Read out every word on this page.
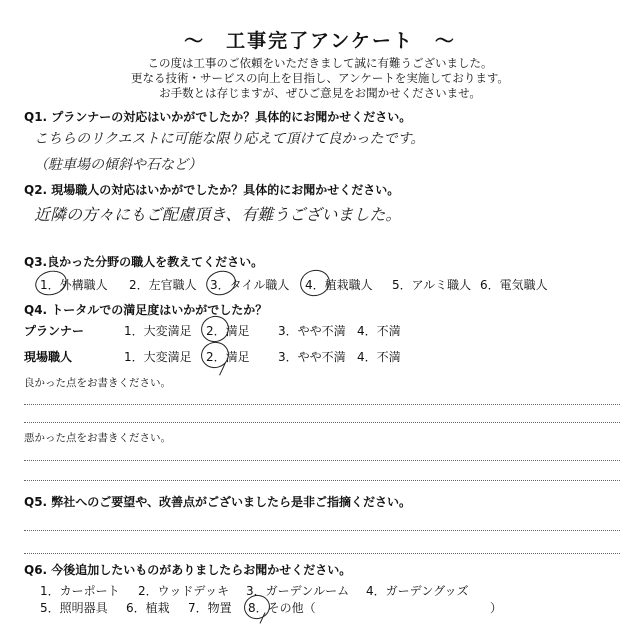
～　工事完了アンケート　～
この度は工事のご依頼をいただきまして誠に有難うございました。
更なる技術・サービスの向上を目指し、アンケートを実施しております。
お手数とは存じますが、ぜひご意見をお聞かせくださいませ。
Q1. プランナーの対応はいかがでしたか？具体的にお聞かせください。
こちらのリクエストに可能な限り応えて頂けて良かったです。
（駐車場の傾斜や石など）
Q2. 現場職人の対応はいかがでしたか？具体的にお聞かせください。
近隣の方々にもご配慮頂き、有難うございました。
Q3.良かった分野の職人を教えてください。
1．外構職人 2．左官職人 3．タイル職人 4．植栽職人 5．アルミ職人 6．電気職人
Q4. トータルでの満足度はいかがでしたか？
プランナー	1．大変満足 2．満足 3．やや不満 4．不満
現場職人	1．大変満足 2．満足 3．やや不満 4．不満
良かった点をお書きください。
悪かった点をお書きください。
Q5. 弊社へのご要望や、改善点がございましたら是非ご指摘ください。
Q6. 今後追加したいものがありましたらお聞かせください。
1．カーポート 2．ウッドデッキ 3．ガーデンルーム 4．ガーデングッズ
5．照明器具 6．植栽 7．物置 8．その他（	）
